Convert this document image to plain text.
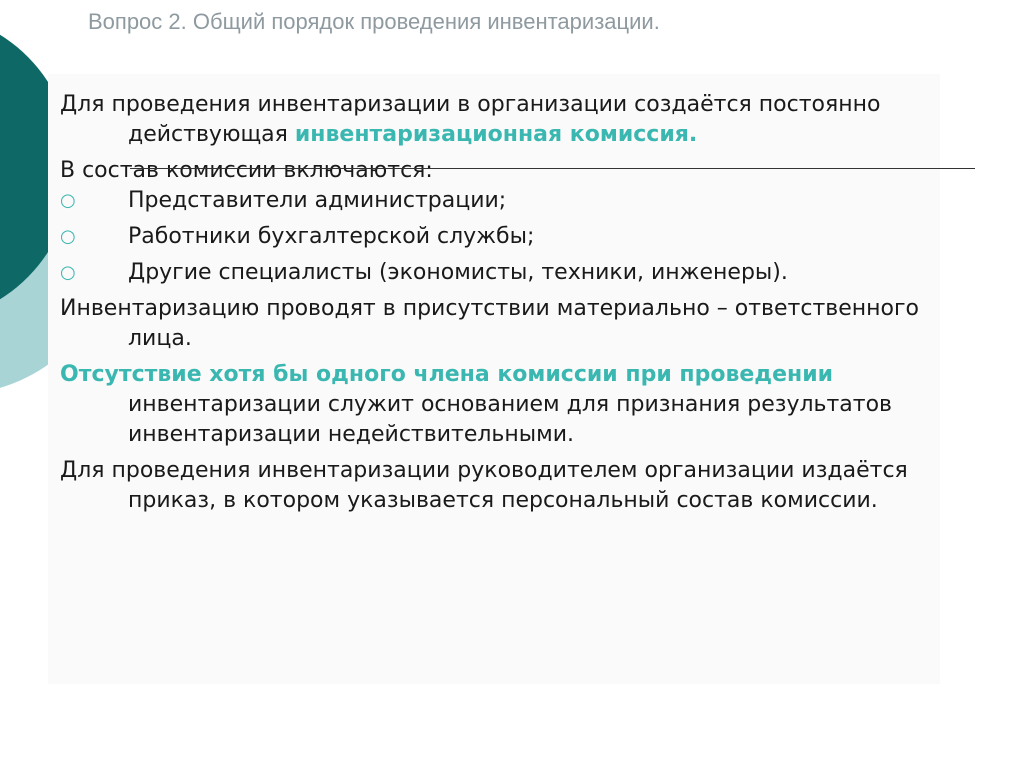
Вопрос 2. Общий порядок проведения инвентаризации.

Для проведения инвентаризации в организации создаётся постоянно действующая инвентаризационная комиссия.

В состав комиссии включаются:

○ Представители администрации;

○ Работники бухгалтерской службы;

○ Другие специалисты (экономисты, техники, инженеры).

Инвентаризацию проводят в присутствии материально – ответственного лица.

Отсутствие хотя бы одного члена комиссии при проведении инвентаризации служит основанием для признания результатов инвентаризации недействительными.

Для проведения инвентаризации руководителем организации издаётся приказ, в котором указывается персональный состав комиссии.
